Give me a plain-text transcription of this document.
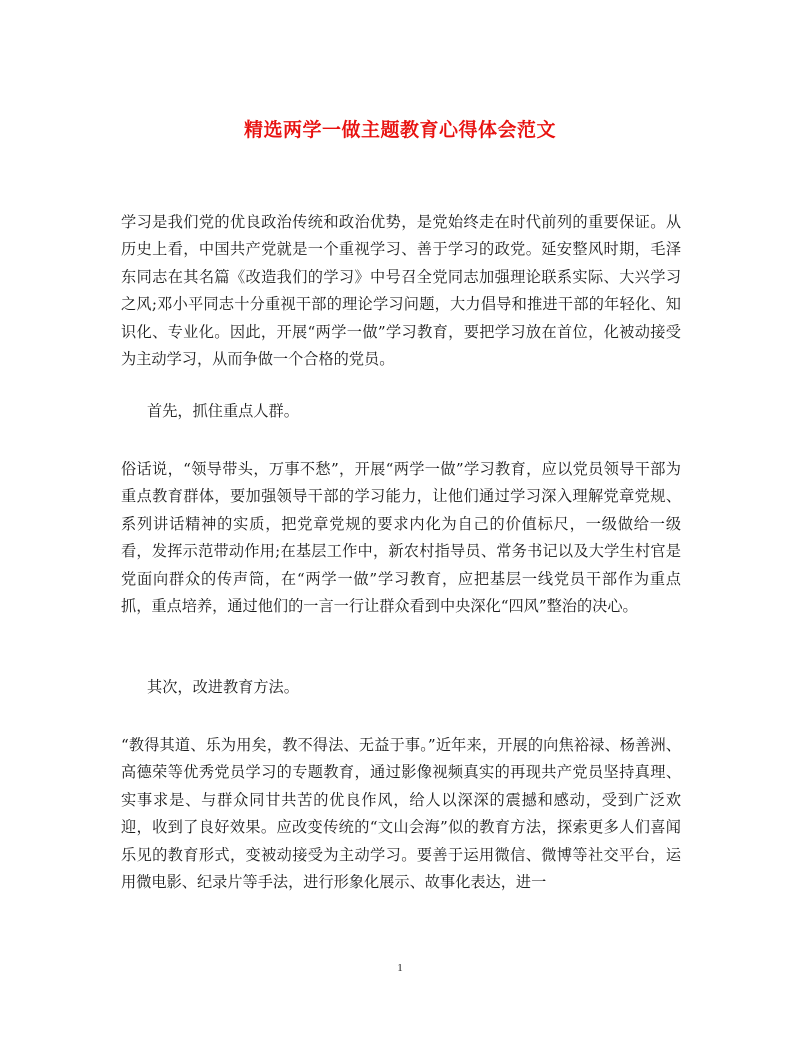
精选两学一做主题教育心得体会范文

学习是我们党的优良政治传统和政治优势，是党始终走在时代前列的重要保证。从历史上看，中国共产党就是一个重视学习、善于学习的政党。延安整风时期，毛泽东同志在其名篇《改造我们的学习》中号召全党同志加强理论联系实际、大兴学习之风;邓小平同志十分重视干部的理论学习问题，大力倡导和推进干部的年轻化、知识化、专业化。因此，开展“两学一做”学习教育，要把学习放在首位，化被动接受为主动学习，从而争做一个合格的党员。

首先，抓住重点人群。

俗话说，“领导带头，万事不愁”，开展“两学一做”学习教育，应以党员领导干部为重点教育群体，要加强领导干部的学习能力，让他们通过学习深入理解党章党规、系列讲话精神的实质，把党章党规的要求内化为自己的价值标尺，一级做给一级看，发挥示范带动作用;在基层工作中，新农村指导员、常务书记以及大学生村官是党面向群众的传声筒，在“两学一做”学习教育，应把基层一线党员干部作为重点抓，重点培养，通过他们的一言一行让群众看到中央深化“四风”整治的决心。

其次，改进教育方法。

“教得其道、乐为用矣，教不得法、无益于事。”近年来，开展的向焦裕禄、杨善洲、高德荣等优秀党员学习的专题教育，通过影像视频真实的再现共产党员坚持真理、实事求是、与群众同甘共苦的优良作风，给人以深深的震撼和感动，受到广泛欢迎，收到了良好效果。应改变传统的“文山会海”似的教育方法，探索更多人们喜闻乐见的教育形式，变被动接受为主动学习。要善于运用微信、微博等社交平台，运用微电影、纪录片等手法，进行形象化展示、故事化表达，进一

1
